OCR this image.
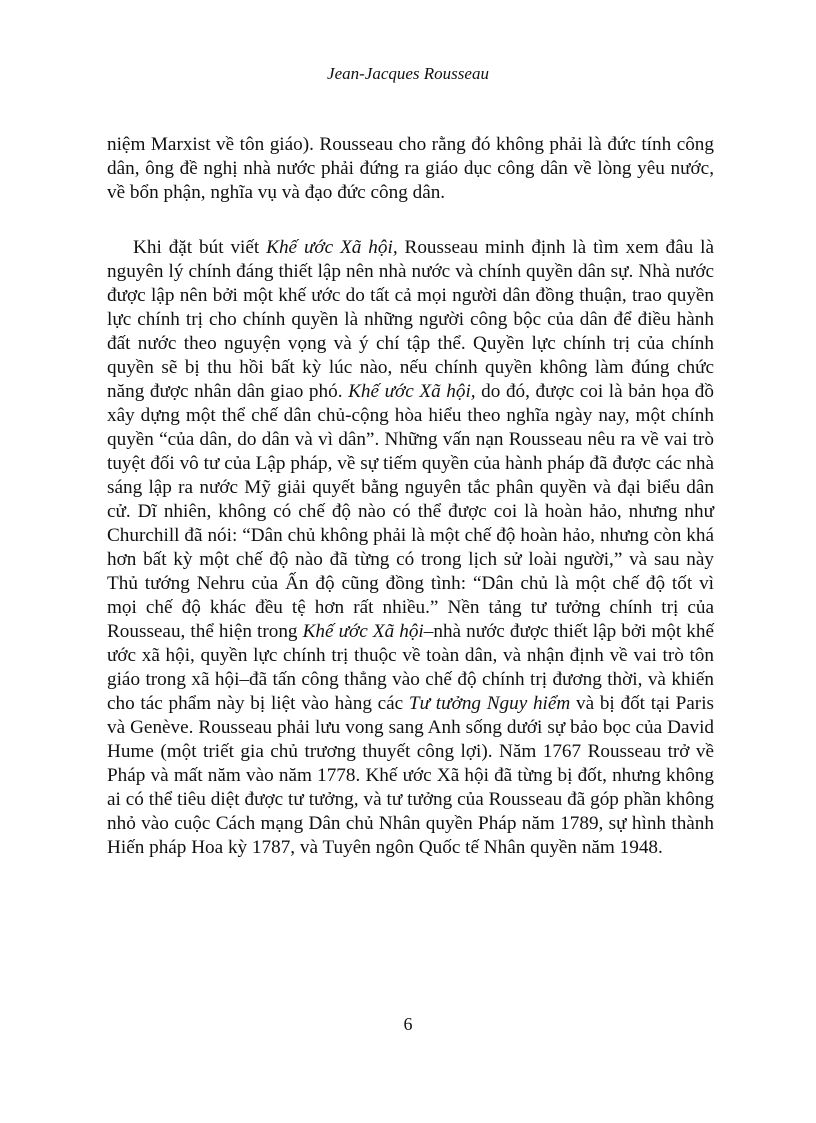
Jean-Jacques Rousseau

niệm Marxist về tôn giáo). Rousseau cho rằng đó không phải là đức tính công dân, ông đề nghị nhà nước phải đứng ra giáo dục công dân về lòng yêu nước, về bổn phận, nghĩa vụ và đạo đức công dân.

Khi đặt bút viết Khế ước Xã hội, Rousseau minh định là tìm xem đâu là nguyên lý chính đáng thiết lập nên nhà nước và chính quyền dân sự. Nhà nước được lập nên bởi một khế ước do tất cả mọi người dân đồng thuận, trao quyền lực chính trị cho chính quyền là những người công bộc của dân để điều hành đất nước theo nguyện vọng và ý chí tập thể. Quyền lực chính trị của chính quyền sẽ bị thu hồi bất kỳ lúc nào, nếu chính quyền không làm đúng chức năng được nhân dân giao phó. Khế ước Xã hội, do đó, được coi là bản họa đồ xây dựng một thể chế dân chủ-cộng hòa hiểu theo nghĩa ngày nay, một chính quyền “của dân, do dân và vì dân”. Những vấn nạn Rousseau nêu ra về vai trò tuyệt đối vô tư của Lập pháp, về sự tiếm quyền của hành pháp đã được các nhà sáng lập ra nước Mỹ giải quyết bằng nguyên tắc phân quyền và đại biểu dân cử. Dĩ nhiên, không có chế độ nào có thể được coi là hoàn hảo, nhưng như Churchill đã nói: “Dân chủ không phải là một chế độ hoàn hảo, nhưng còn khá hơn bất kỳ một chế độ nào đã từng có trong lịch sử loài người,” và sau này Thủ tướng Nehru của Ấn độ cũng đồng tình: “Dân chủ là một chế độ tốt vì mọi chế độ khác đều tệ hơn rất nhiều.” Nền tảng tư tưởng chính trị của Rousseau, thể hiện trong Khế ước Xã hội–nhà nước được thiết lập bởi một khế ước xã hội, quyền lực chính trị thuộc về toàn dân, và nhận định về vai trò tôn giáo trong xã hội–đã tấn công thẳng vào chế độ chính trị đương thời, và khiến cho tác phẩm này bị liệt vào hàng các Tư tưởng Nguy hiểm và bị đốt tại Paris và Genève. Rousseau phải lưu vong sang Anh sống dưới sự bảo bọc của David Hume (một triết gia chủ trương thuyết công lợi). Năm 1767 Rousseau trở về Pháp và mất năm vào năm 1778. Khế ước Xã hội đã từng bị đốt, nhưng không ai có thể tiêu diệt được tư tưởng, và tư tưởng của Rousseau đã góp phần không nhỏ vào cuộc Cách mạng Dân chủ Nhân quyền Pháp năm 1789, sự hình thành Hiến pháp Hoa kỳ 1787, và Tuyên ngôn Quốc tế Nhân quyền năm 1948.

6
